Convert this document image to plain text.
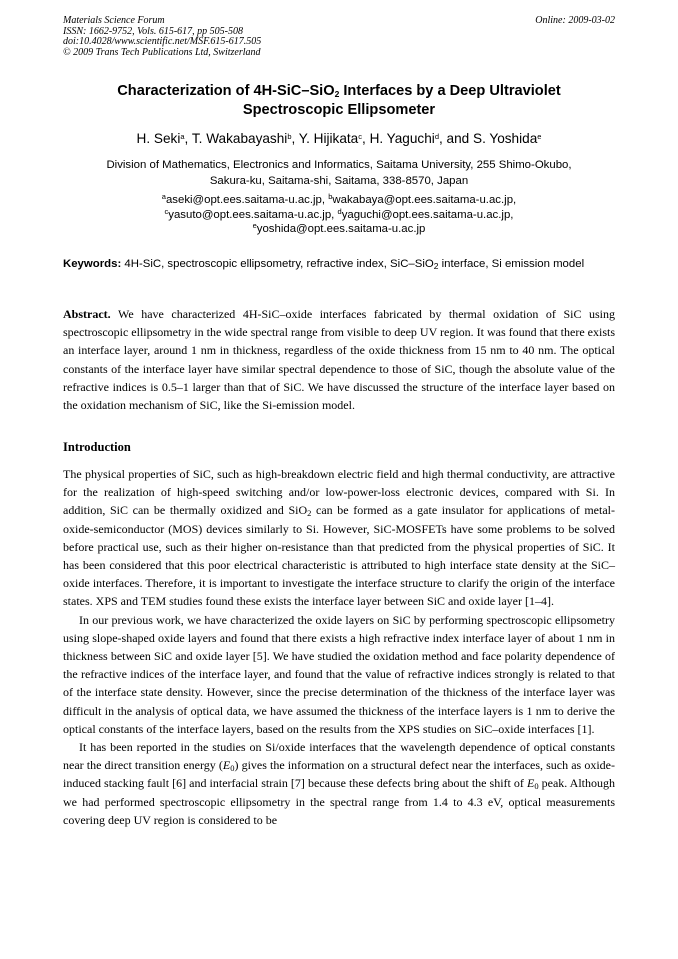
Materials Science Forum
ISSN: 1662-9752, Vols. 615-617, pp 505-508
doi:10.4028/www.scientific.net/MSF.615-617.505
© 2009 Trans Tech Publications Ltd, Switzerland
Online: 2009-03-02
Characterization of 4H-SiC–SiO$_2$ Interfaces by a Deep Ultraviolet
Spectroscopic Ellipsometer
H. Seki$^a$, T. Wakabayashi$^b$, Y. Hijikata$^c$, H. Yaguchi$^d$, and S. Yoshida$^e$
Division of Mathematics, Electronics and Informatics, Saitama University, 255 Shimo-Okubo,
Sakura-ku, Saitama-shi, Saitama, 338-8570, Japan
$^a$aseki@opt.ees.saitama-u.ac.jp, $^b$wakabaya@opt.ees.saitama-u.ac.jp,
$^c$yasuto@opt.ees.saitama-u.ac.jp, $^d$yaguchi@opt.ees.saitama-u.ac.jp,
$^e$yoshida@opt.ees.saitama-u.ac.jp
Keywords: 4H-SiC, spectroscopic ellipsometry, refractive index, SiC–SiO$_2$ interface, Si emission model
Abstract. We have characterized 4H-SiC–oxide interfaces fabricated by thermal oxidation of SiC using spectroscopic ellipsometry in the wide spectral range from visible to deep UV region. It was found that there exists an interface layer, around 1 nm in thickness, regardless of the oxide thickness from 15 nm to 40 nm. The optical constants of the interface layer have similar spectral dependence to those of SiC, though the absolute value of the refractive indices is 0.5–1 larger than that of SiC. We have discussed the structure of the interface layer based on the oxidation mechanism of SiC, like the Si-emission model.
Introduction

The physical properties of SiC, such as high-breakdown electric field and high thermal conductivity, are attractive for the realization of high-speed switching and/or low-power-loss electronic devices, compared with Si. In addition, SiC can be thermally oxidized and SiO$_2$ can be formed as a gate insulator for applications of metal-oxide-semiconductor (MOS) devices similarly to Si. However, SiC-MOSFETs have some problems to be solved before practical use, such as their higher on-resistance than that predicted from the physical properties of SiC. It has been considered that this poor electrical characteristic is attributed to high interface state density at the SiC–oxide interfaces. Therefore, it is important to investigate the interface structure to clarify the origin of the interface states. XPS and TEM studies found these exists the interface layer between SiC and oxide layer [1–4].

In our previous work, we have characterized the oxide layers on SiC by performing spectroscopic ellipsometry using slope-shaped oxide layers and found that there exists a high refractive index interface layer of about 1 nm in thickness between SiC and oxide layer [5]. We have studied the oxidation method and face polarity dependence of the refractive indices of the interface layer, and found that the value of refractive indices strongly is related to that of the interface state density. However, since the precise determination of the thickness of the interface layer was difficult in the analysis of optical data, we have assumed the thickness of the interface layers is 1 nm to derive the optical constants of the interface layers, based on the results from the XPS studies on SiC–oxide interfaces [1].

It has been reported in the studies on Si/oxide interfaces that the wavelength dependence of optical constants near the direct transition energy $(E_0)$ gives the information on a structural defect near the interfaces, such as oxide-induced stacking fault [6] and interfacial strain [7] because these defects bring about the shift of $E_0$ peak. Although we had performed spectroscopic ellipsometry in the spectral range from 1.4 to 4.3 eV, optical measurements covering deep UV region is considered to be
